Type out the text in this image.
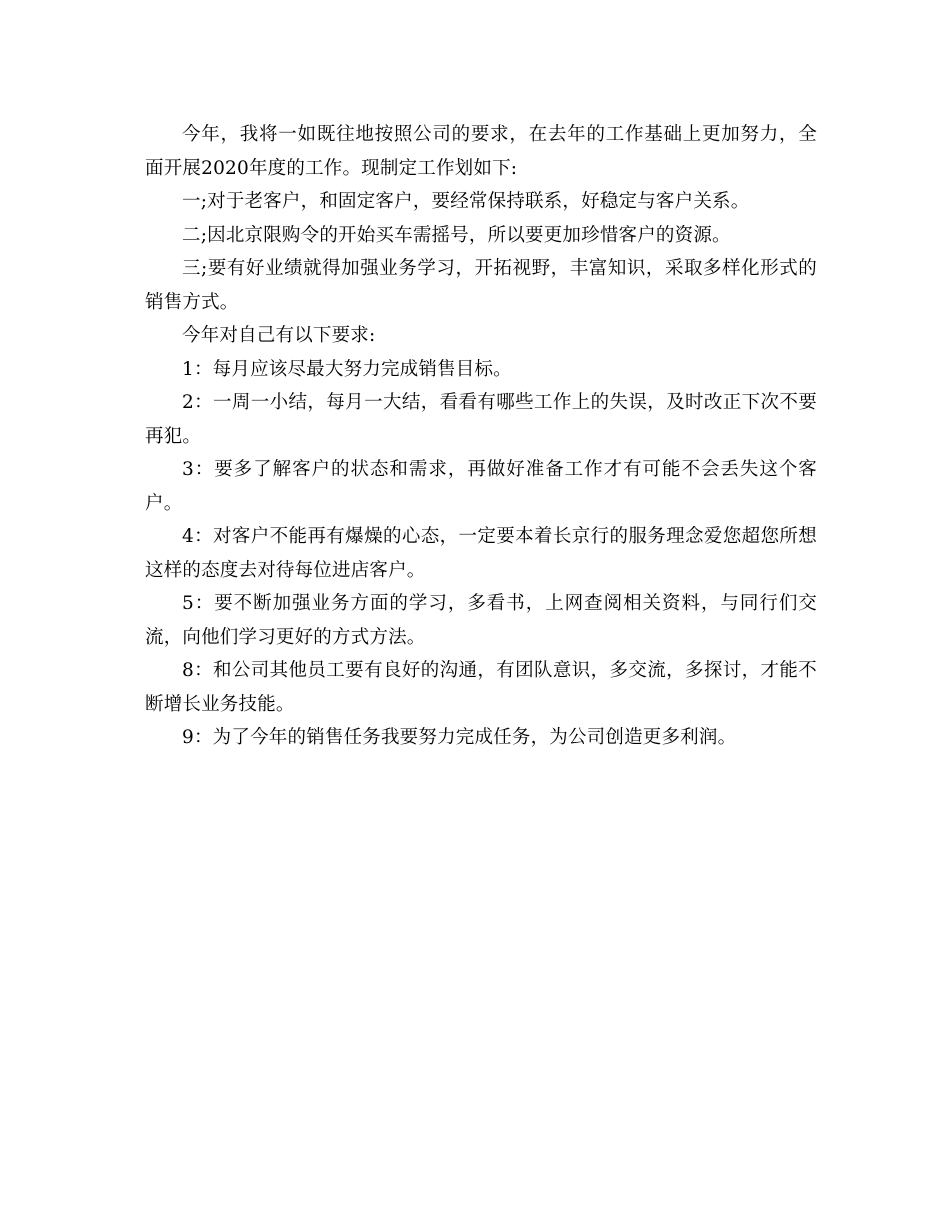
今年，我将一如既往地按照公司的要求，在去年的工作基础上更加努力，全面开展2020年度的工作。现制定工作划如下:

一;对于老客户，和固定客户，要经常保持联系，好稳定与客户关系。

二;因北京限购令的开始买车需摇号，所以要更加珍惜客户的资源。

三;要有好业绩就得加强业务学习，开拓视野，丰富知识，采取多样化形式的销售方式。

今年对自己有以下要求:

1：每月应该尽最大努力完成销售目标。

2：一周一小结，每月一大结，看看有哪些工作上的失误，及时改正下次不要再犯。

3：要多了解客户的状态和需求，再做好准备工作才有可能不会丢失这个客户。

4：对客户不能再有爆燥的心态，一定要本着长京行的服务理念爱您超您所想这样的态度去对待每位进店客户。

5：要不断加强业务方面的学习，多看书，上网查阅相关资料，与同行们交流，向他们学习更好的方式方法。

8：和公司其他员工要有良好的沟通，有团队意识，多交流，多探讨，才能不断增长业务技能。

9：为了今年的销售任务我要努力完成任务，为公司创造更多利润。
